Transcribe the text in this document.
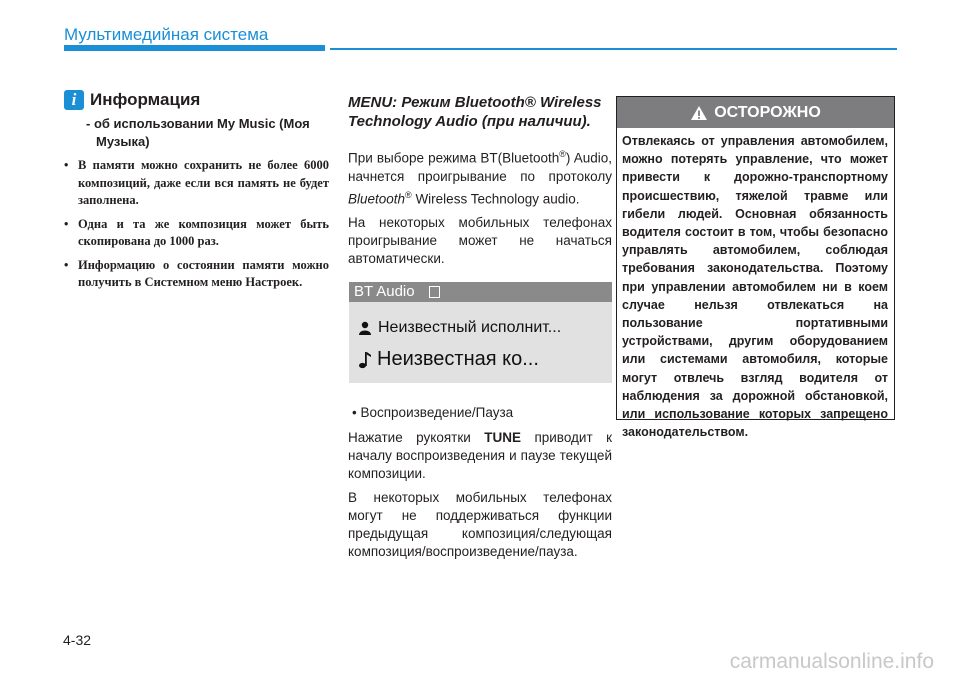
Мультимедийная система
i Информация
- об использовании My Music (Моя Музыка)
• В памяти можно сохранить не более 6000 композиций, даже если вся память не будет заполнена.
• Одна и та же композиция может быть скопирована до 1000 раз.
• Информацию о состоянии памяти можно получить в Системном меню Настроек.
MENU: Режим Bluetooth® Wireless Technology Audio (при наличии).

При выборе режима BT(Bluetooth®) Audio, начнется проигрывание по протоколу Bluetooth® Wireless Technology audio.

На некоторых мобильных телефонах проигрывание может не начаться автоматически.

BT Audio
Неизвестный исполнит...
Неизвестная ко...

• Воспроизведение/Пауза

Нажатие рукоятки TUNE приводит к началу воспроизведения и паузе текущей композиции.

В некоторых мобильных телефонах могут не поддерживаться функции предыдущая композиция/следующая композиция/воспроизведение/пауза.

ОСТОРОЖНО
Отвлекаясь от управления автомобилем, можно потерять управление, что может привести к дорожно-транспортному происшествию, тяжелой травме или гибели людей. Основная обязанность водителя состоит в том, чтобы безопасно управлять автомобилем, соблюдая требования законодательства. Поэтому при управлении автомобилем ни в коем случае нельзя отвлекаться на пользование портативными устройствами, другим оборудованием или системами автомобиля, которые могут отвлечь взгляд водителя от наблюдения за дорожной обстановкой, или использование которых запрещено законодательством.
4-32
carmanualsonline.info
